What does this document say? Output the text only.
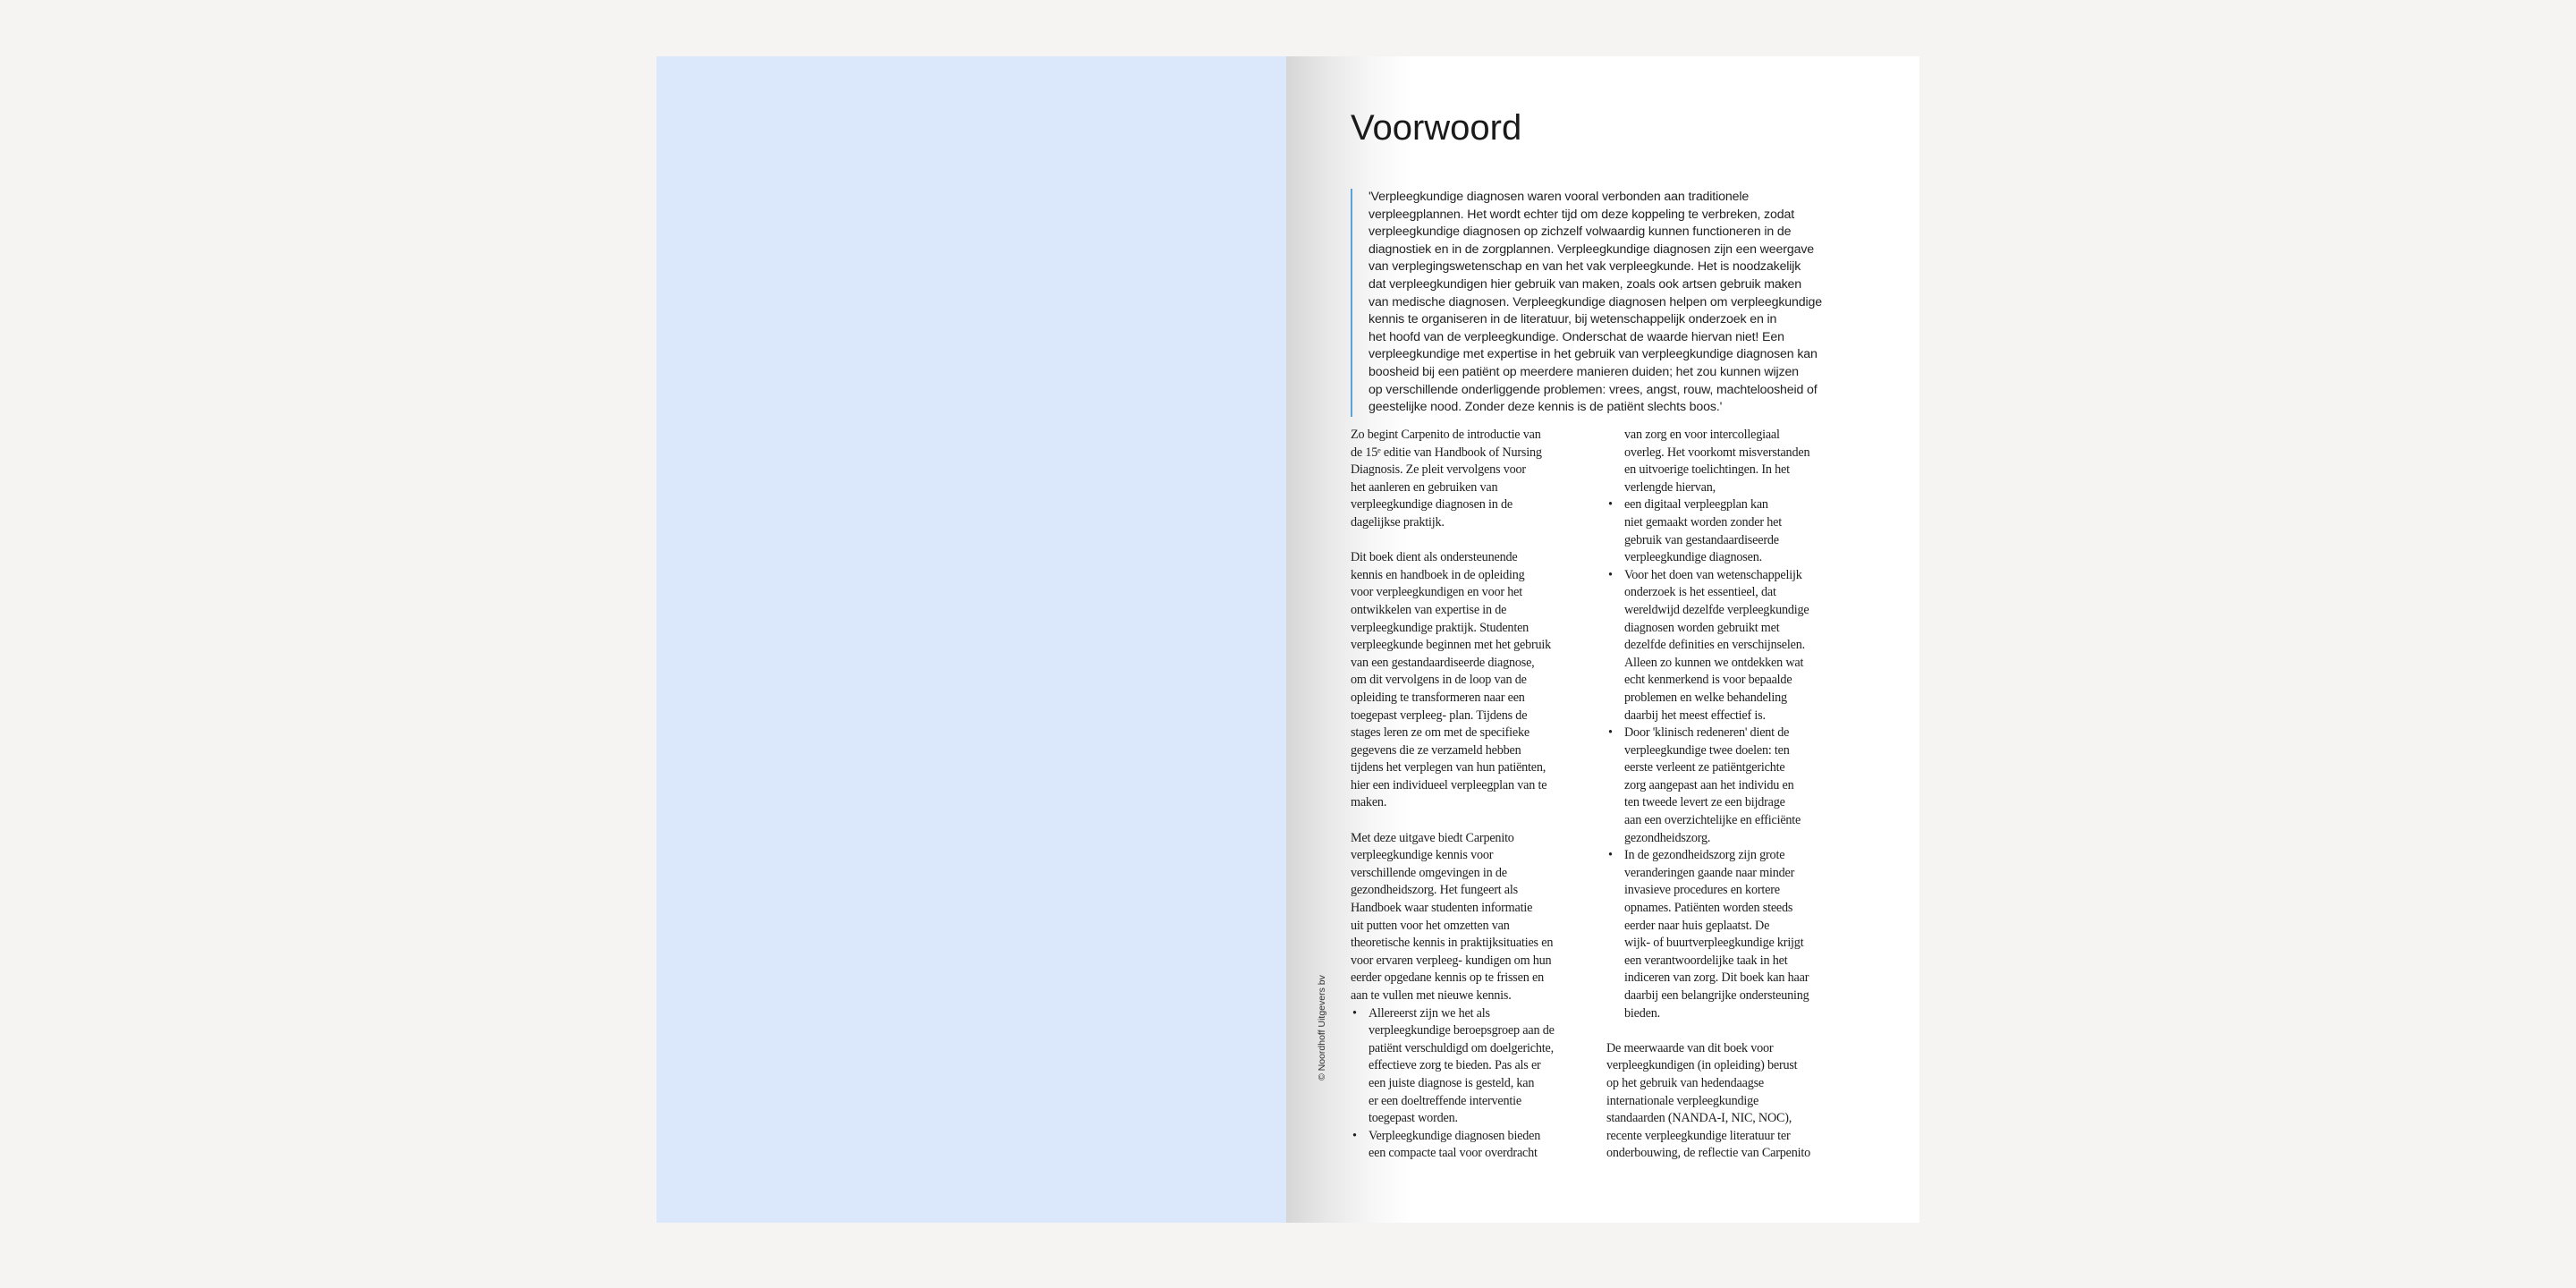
Voorwoord
'Verpleegkundige diagnosen waren vooral verbonden aan traditionele
verpleegplannen. Het wordt echter tijd om deze koppeling te verbreken, zodat
verpleegkundige diagnosen op zichzelf volwaardig kunnen functioneren in de
diagnostiek en in de zorgplannen. Verpleegkundige diagnosen zijn een weergave
van verplegingswetenschap en van het vak verpleegkunde. Het is noodzakelijk
dat verpleegkundigen hier gebruik van maken, zoals ook artsen gebruik maken
van medische diagnosen. Verpleegkundige diagnosen helpen om verpleegkundige
kennis te organiseren in de literatuur, bij wetenschappelijk onderzoek en in
het hoofd van de verpleegkundige. Onderschat de waarde hiervan niet! Een
verpleegkundige met expertise in het gebruik van verpleegkundige diagnosen kan
boosheid bij een patiënt op meerdere manieren duiden; het zou kunnen wijzen
op verschillende onderliggende problemen: vrees, angst, rouw, machteloosheid of
geestelijke nood. Zonder deze kennis is de patiënt slechts boos.'
Zo begint Carpenito de introductie van
de 15ᵉ editie van Handbook of Nursing
Diagnosis. Ze pleit vervolgens voor
het aanleren en gebruiken van
verpleegkundige diagnosen in de
dagelijkse praktijk.
Dit boek dient als ondersteunende
kennis en handboek in de opleiding
voor verpleegkundigen en voor het
ontwikkelen van expertise in de
verpleegkundige praktijk. Studenten
verpleegkunde beginnen met het gebruik
van een gestandaardiseerde diagnose,
om dit vervolgens in de loop van de
opleiding te transformeren naar een
toegepast verpleeg- plan. Tijdens de
stages leren ze om met de specifieke
gegevens die ze verzameld hebben
tijdens het verplegen van hun patiënten,
hier een individueel verpleegplan van te
maken.
Met deze uitgave biedt Carpenito
verpleegkundige kennis voor
verschillende omgevingen in de
gezondheidszorg. Het fungeert als
Handboek waar studenten informatie
uit putten voor het omzetten van
theoretische kennis in praktijksituaties en
voor ervaren verpleeg- kundigen om hun
eerder opgedane kennis op te frissen en
aan te vullen met nieuwe kennis.
• Allereerst zijn we het als
verpleegkundige beroepsgroep aan de
patiënt verschuldigd om doelgerichte,
effectieve zorg te bieden. Pas als er
een juiste diagnose is gesteld, kan
er een doeltreffende interventie
toegepast worden.
• Verpleegkundige diagnosen bieden
een compacte taal voor overdracht
van zorg en voor intercollegiaal
overleg. Het voorkomt misverstanden
en uitvoerige toelichtingen. In het
verlengde hiervan,
• een digitaal verpleegplan kan
niet gemaakt worden zonder het
gebruik van gestandaardiseerde
verpleegkundige diagnosen.
• Voor het doen van wetenschappelijk
onderzoek is het essentieel, dat
wereldwijd dezelfde verpleegkundige
diagnosen worden gebruikt met
dezelfde definities en verschijnselen.
Alleen zo kunnen we ontdekken wat
echt kenmerkend is voor bepaalde
problemen en welke behandeling
daarbij het meest effectief is.
• Door 'klinisch redeneren' dient de
verpleegkundige twee doelen: ten
eerste verleent ze patiëntgerichte
zorg aangepast aan het individu en
ten tweede levert ze een bijdrage
aan een overzichtelijke en efficiënte
gezondheidszorg.
• In de gezondheidszorg zijn grote
veranderingen gaande naar minder
invasieve procedures en kortere
opnames. Patiënten worden steeds
eerder naar huis geplaatst. De
wijk- of buurtverpleegkundige krijgt
een verantwoordelijke taak in het
indiceren van zorg. Dit boek kan haar
daarbij een belangrijke ondersteuning
bieden.
De meerwaarde van dit boek voor
verpleegkundigen (in opleiding) berust
op het gebruik van hedendaagse
internationale verpleegkundige
standaarden (NANDA-I, NIC, NOC),
recente verpleegkundige literatuur ter
onderbouwing, de reflectie van Carpenito
© Noordhoff Uitgevers bv
